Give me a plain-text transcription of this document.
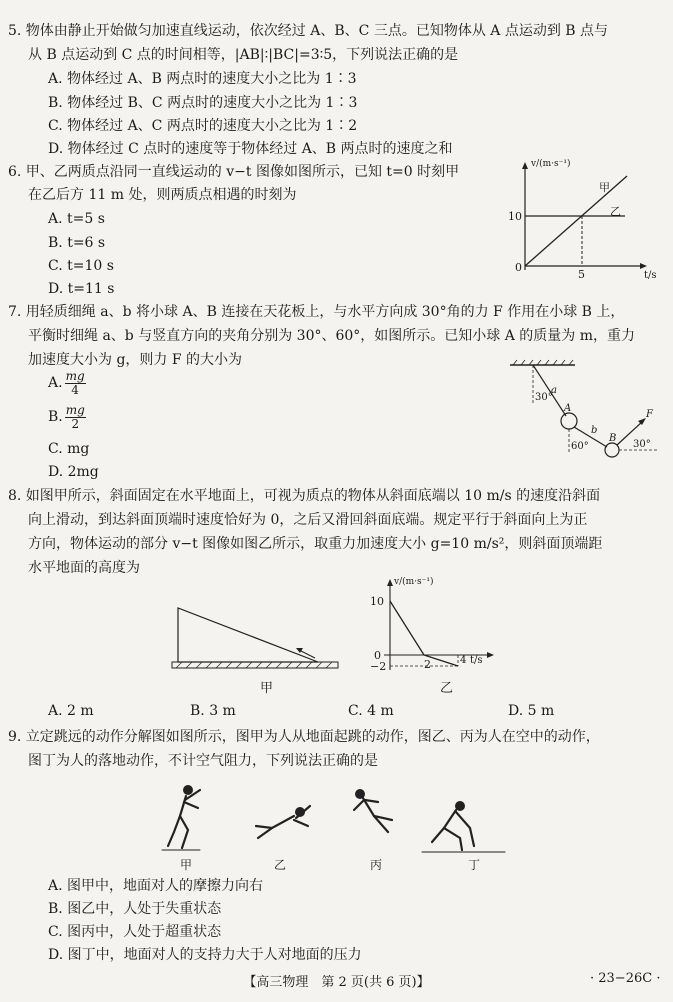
5. 物体由静止开始做匀加速直线运动，依次经过 A、B、C 三点。已知物体从 A 点运动到 B 点与
从 B 点运动到 C 点的时间相等，|AB|∶|BC|=3∶5，下列说法正确的是
A. 物体经过 A、B 两点时的速度大小之比为 1∶3
B. 物体经过 B、C 两点时的速度大小之比为 1∶3
C. 物体经过 A、C 两点时的速度大小之比为 1∶2
D. 物体经过 C 点时的速度等于物体经过 A、B 两点时的速度之和
6. 甲、乙两质点沿同一直线运动的 v−t 图像如图所示，已知 t=0 时刻甲
在乙后方 11 m 处，则两质点相遇的时刻为
A. t=5 s
B. t=6 s
C. t=10 s
D. t=11 s
v/(m·s⁻¹)
t/s
10
5
0
甲
乙
7. 用轻质细绳 a、b 将小球 A、B 连接在天花板上，与水平方向成 30°角的力 F 作用在小球 B 上，
平衡时细绳 a、b 与竖直方向的夹角分别为 30°、60°，如图所示。已知小球 A 的质量为 m，重力
加速度大小为 g，则力 F 的大小为
A. $\frac{mg}{4}$
B. $\frac{mg}{2}$
C. mg
D. 2mg
30°
a
A
b
60°
B
F
30°
8. 如图甲所示，斜面固定在水平地面上，可视为质点的物体从斜面底端以 10 m/s 的速度沿斜面
向上滑动，到达斜面顶端时速度恰好为 0，之后又滑回斜面底端。规定平行于斜面向上为正
方向，物体运动的部分 v−t 图像如图乙所示，取重力加速度大小 g=10 m/s²，则斜面顶端距
水平地面的高度为
甲
v/(m·s⁻¹)
10
0
−2	2	4 t/s
乙
A. 2 m	B. 3 m	C. 4 m	D. 5 m
9. 立定跳远的动作分解图如图所示，图甲为人从地面起跳的动作，图乙、丙为人在空中的动作，
图丁为人的落地动作，不计空气阻力，下列说法正确的是
甲	乙	丙	丁
A. 图甲中，地面对人的摩擦力向右
B. 图乙中，人处于失重状态
C. 图丙中，人处于超重状态
D. 图丁中，地面对人的支持力大于人对地面的压力
【高三物理　第 2 页(共 6 页)】	· 23−26C ·
